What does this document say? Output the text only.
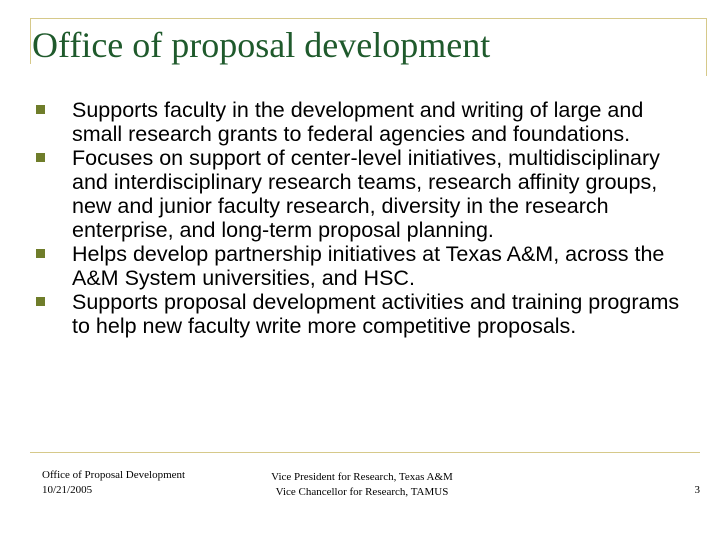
Office of proposal development
Supports faculty in the development and writing of large and small research grants to federal agencies and foundations.
Focuses on support of center-level initiatives, multidisciplinary and interdisciplinary research teams, research affinity groups, new and junior faculty research, diversity in the research enterprise, and long-term proposal planning.
Helps develop partnership initiatives at Texas A&M, across the A&M System universities, and HSC.
Supports proposal development activities and training programs to help new faculty write more competitive proposals.
Office of Proposal Development
10/21/2005
Vice President for Research, Texas A&M
Vice Chancellor for Research, TAMUS	3
